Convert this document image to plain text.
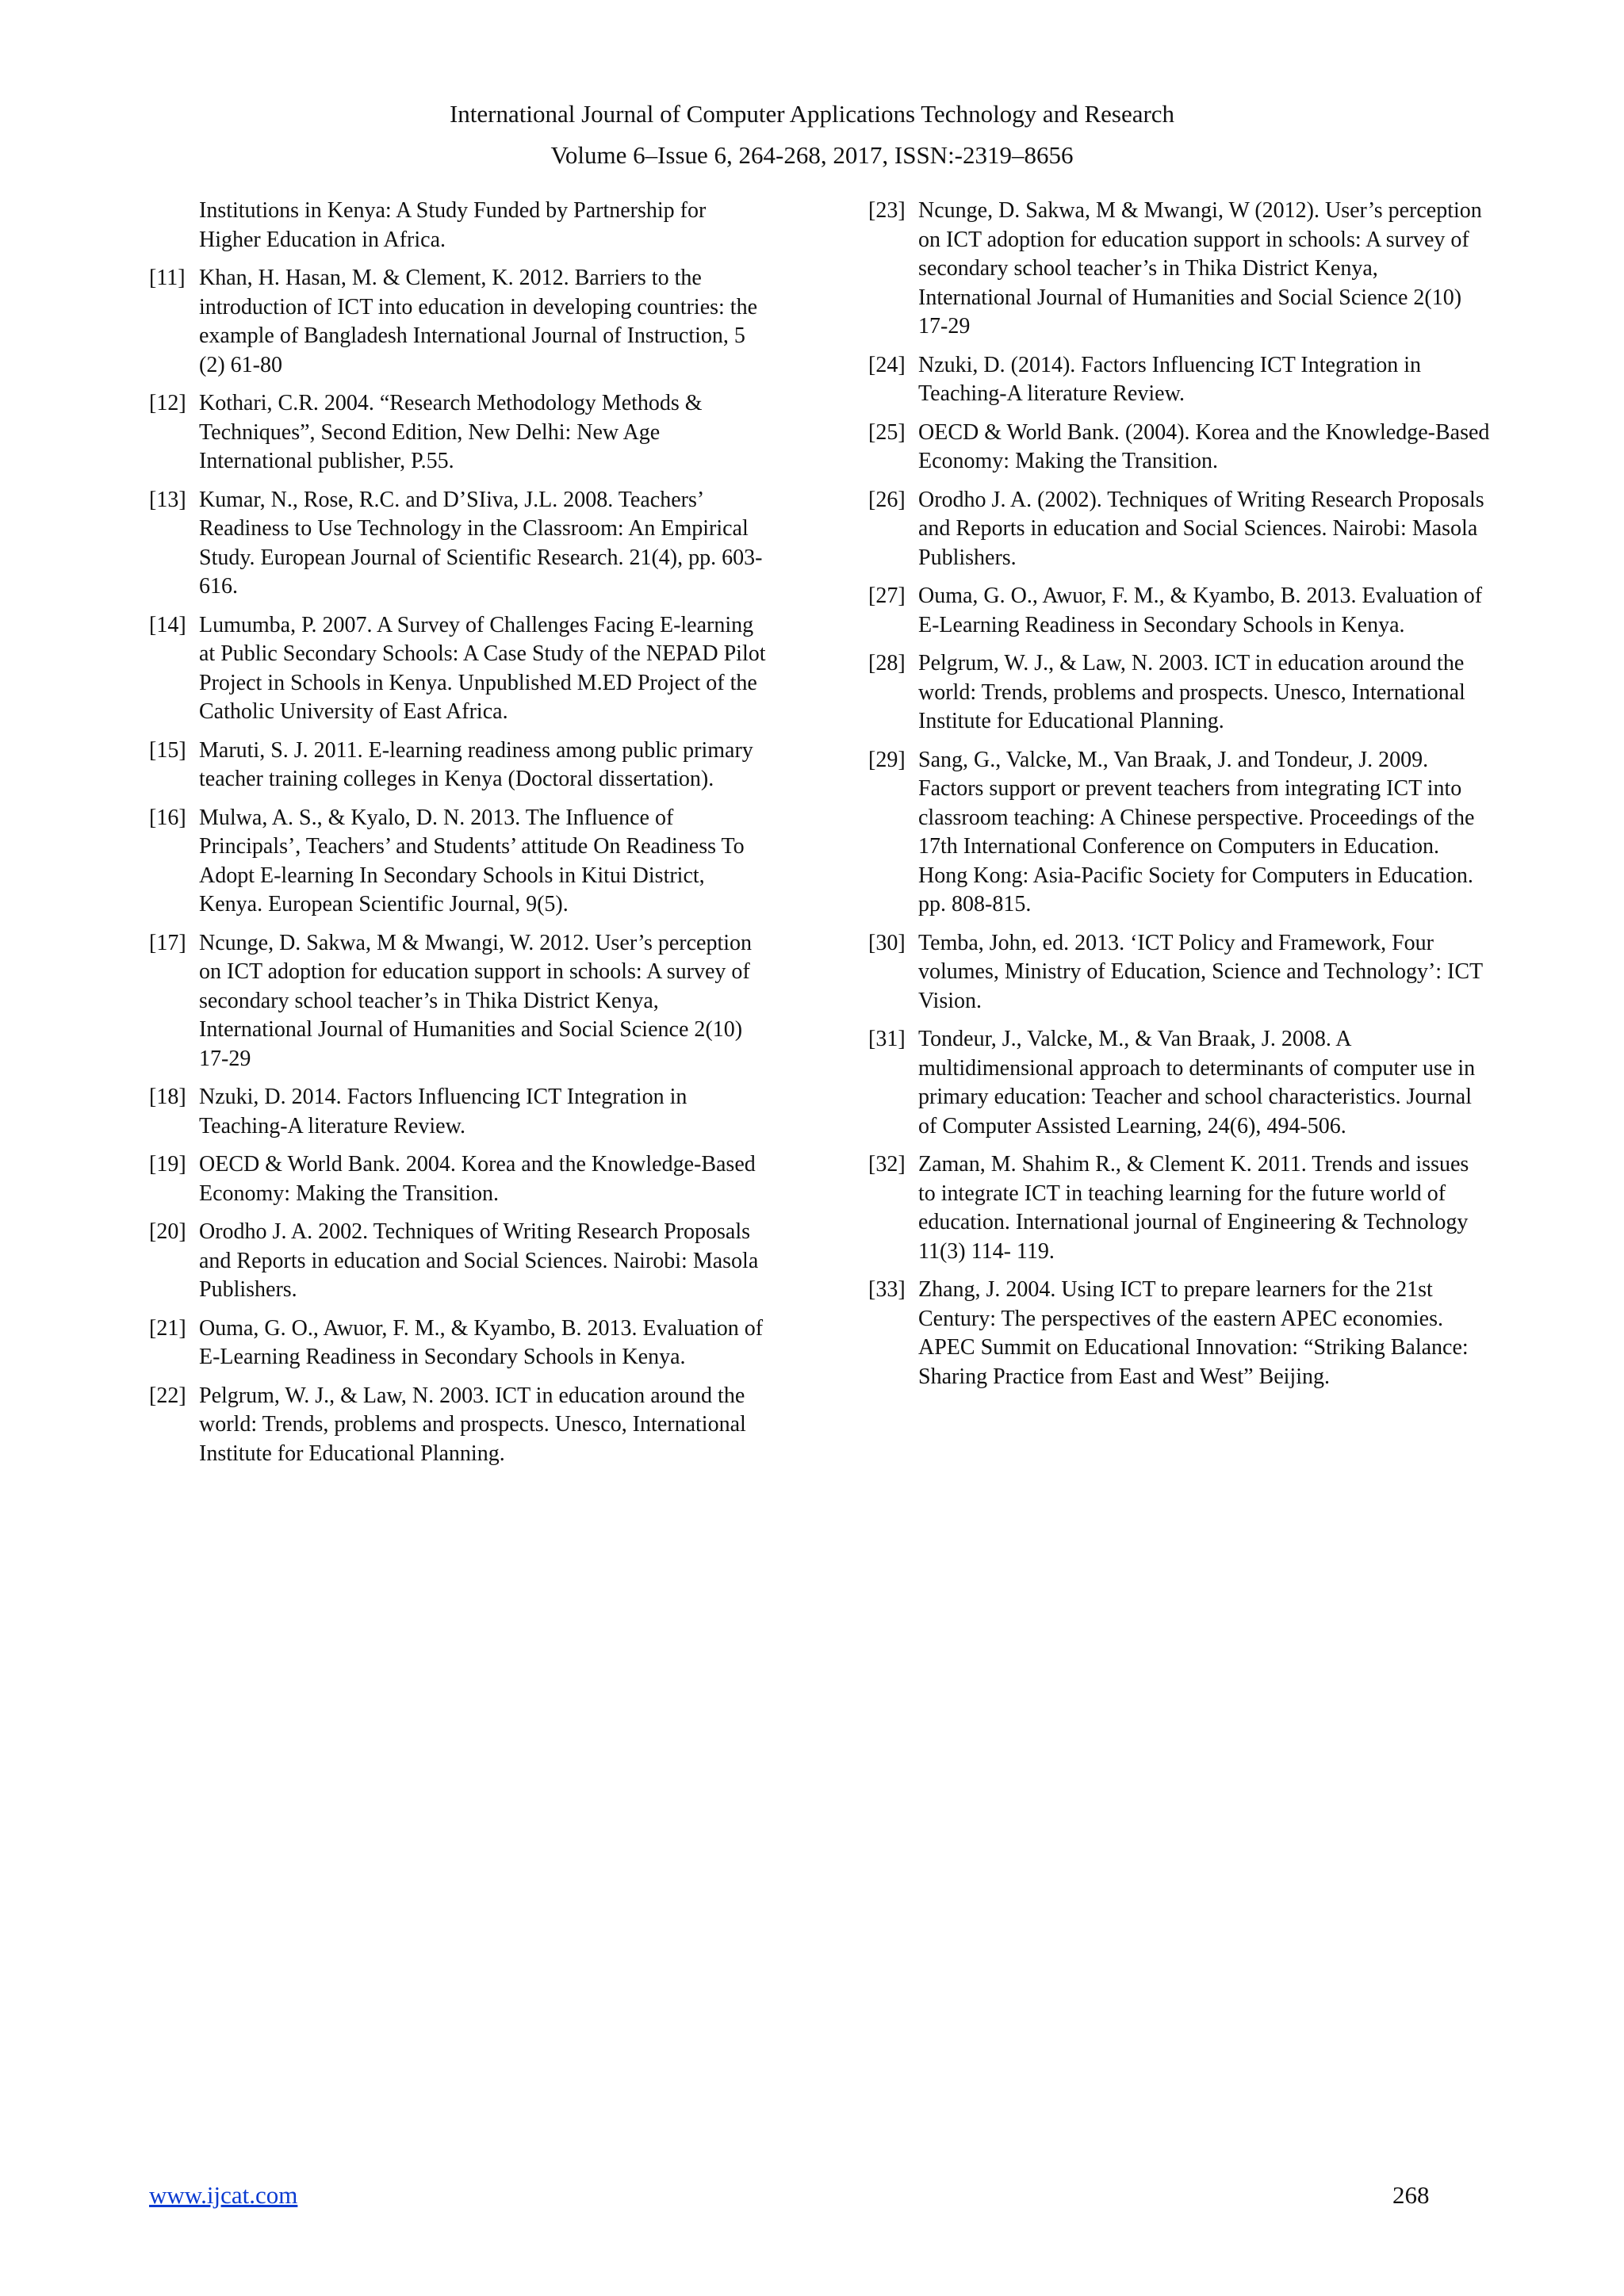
International Journal of Computer Applications Technology and Research
Volume 6–Issue 6, 264-268, 2017, ISSN:-2319–8656
Institutions in Kenya: A Study Funded by Partnership for Higher Education in Africa.
[11] Khan, H. Hasan, M. & Clement, K. 2012. Barriers to the introduction of ICT into education in developing countries: the example of Bangladesh International Journal of Instruction, 5 (2) 61-80
[12] Kothari, C.R. 2004. “Research Methodology Methods & Techniques”, Second Edition, New Delhi: New Age International publisher, P.55.
[13] Kumar, N., Rose, R.C. and D’SIiva, J.L. 2008. Teachers’ Readiness to Use Technology in the Classroom: An Empirical Study. European Journal of Scientific Research. 21(4), pp. 603-616.
[14] Lumumba, P. 2007. A Survey of Challenges Facing E-learning at Public Secondary Schools: A Case Study of the NEPAD Pilot Project in Schools in Kenya. Unpublished M.ED Project of the Catholic University of East Africa.
[15] Maruti, S. J. 2011. E-learning readiness among public primary teacher training colleges in Kenya (Doctoral dissertation).
[16] Mulwa, A. S., & Kyalo, D. N. 2013. The Influence of Principals’, Teachers’ and Students’ attitude On Readiness To Adopt E-learning In Secondary Schools in Kitui District, Kenya. European Scientific Journal, 9(5).
[17] Ncunge, D. Sakwa, M & Mwangi, W. 2012. User’s perception on ICT adoption for education support in schools: A survey of secondary school teacher’s in Thika District Kenya, International Journal of Humanities and Social Science 2(10) 17-29
[18] Nzuki, D. 2014. Factors Influencing ICT Integration in Teaching-A literature Review.
[19] OECD & World Bank. 2004. Korea and the Knowledge-Based Economy: Making the Transition.
[20] Orodho J. A. 2002. Techniques of Writing Research Proposals and Reports in education and Social Sciences. Nairobi: Masola Publishers.
[21] Ouma, G. O., Awuor, F. M., & Kyambo, B. 2013. Evaluation of E-Learning Readiness in Secondary Schools in Kenya.
[22] Pelgrum, W. J., & Law, N. 2003. ICT in education around the world: Trends, problems and prospects. Unesco, International Institute for Educational Planning.
[23] Ncunge, D. Sakwa, M & Mwangi, W (2012). User’s perception on ICT adoption for education support in schools: A survey of secondary school teacher’s in Thika District Kenya, International Journal of Humanities and Social Science 2(10) 17-29
[24] Nzuki, D. (2014). Factors Influencing ICT Integration in Teaching-A literature Review.
[25] OECD & World Bank. (2004). Korea and the Knowledge-Based Economy: Making the Transition.
[26] Orodho J. A. (2002). Techniques of Writing Research Proposals and Reports in education and Social Sciences. Nairobi: Masola Publishers.
[27] Ouma, G. O., Awuor, F. M., & Kyambo, B. 2013. Evaluation of E-Learning Readiness in Secondary Schools in Kenya.
[28] Pelgrum, W. J., & Law, N. 2003. ICT in education around the world: Trends, problems and prospects. Unesco, International Institute for Educational Planning.
[29] Sang, G., Valcke, M., Van Braak, J. and Tondeur, J. 2009. Factors support or prevent teachers from integrating ICT into classroom teaching: A Chinese perspective. Proceedings of the 17th International Conference on Computers in Education. Hong Kong: Asia-Pacific Society for Computers in Education. pp. 808-815.
[30] Temba, John, ed. 2013. ‘ICT Policy and Framework, Four volumes, Ministry of Education, Science and Technology’: ICT Vision.
[31] Tondeur, J., Valcke, M., & Van Braak, J. 2008. A multidimensional approach to determinants of computer use in primary education: Teacher and school characteristics. Journal of Computer Assisted Learning, 24(6), 494-506.
[32] Zaman, M. Shahim R., & Clement K. 2011. Trends and issues to integrate ICT in teaching learning for the future world of education. International journal of Engineering & Technology 11(3) 114- 119.
[33] Zhang, J. 2004. Using ICT to prepare learners for the 21st Century: The perspectives of the eastern APEC economies. APEC Summit on Educational Innovation: “Striking Balance: Sharing Practice from East and West” Beijing.
www.ijcat.com	268
